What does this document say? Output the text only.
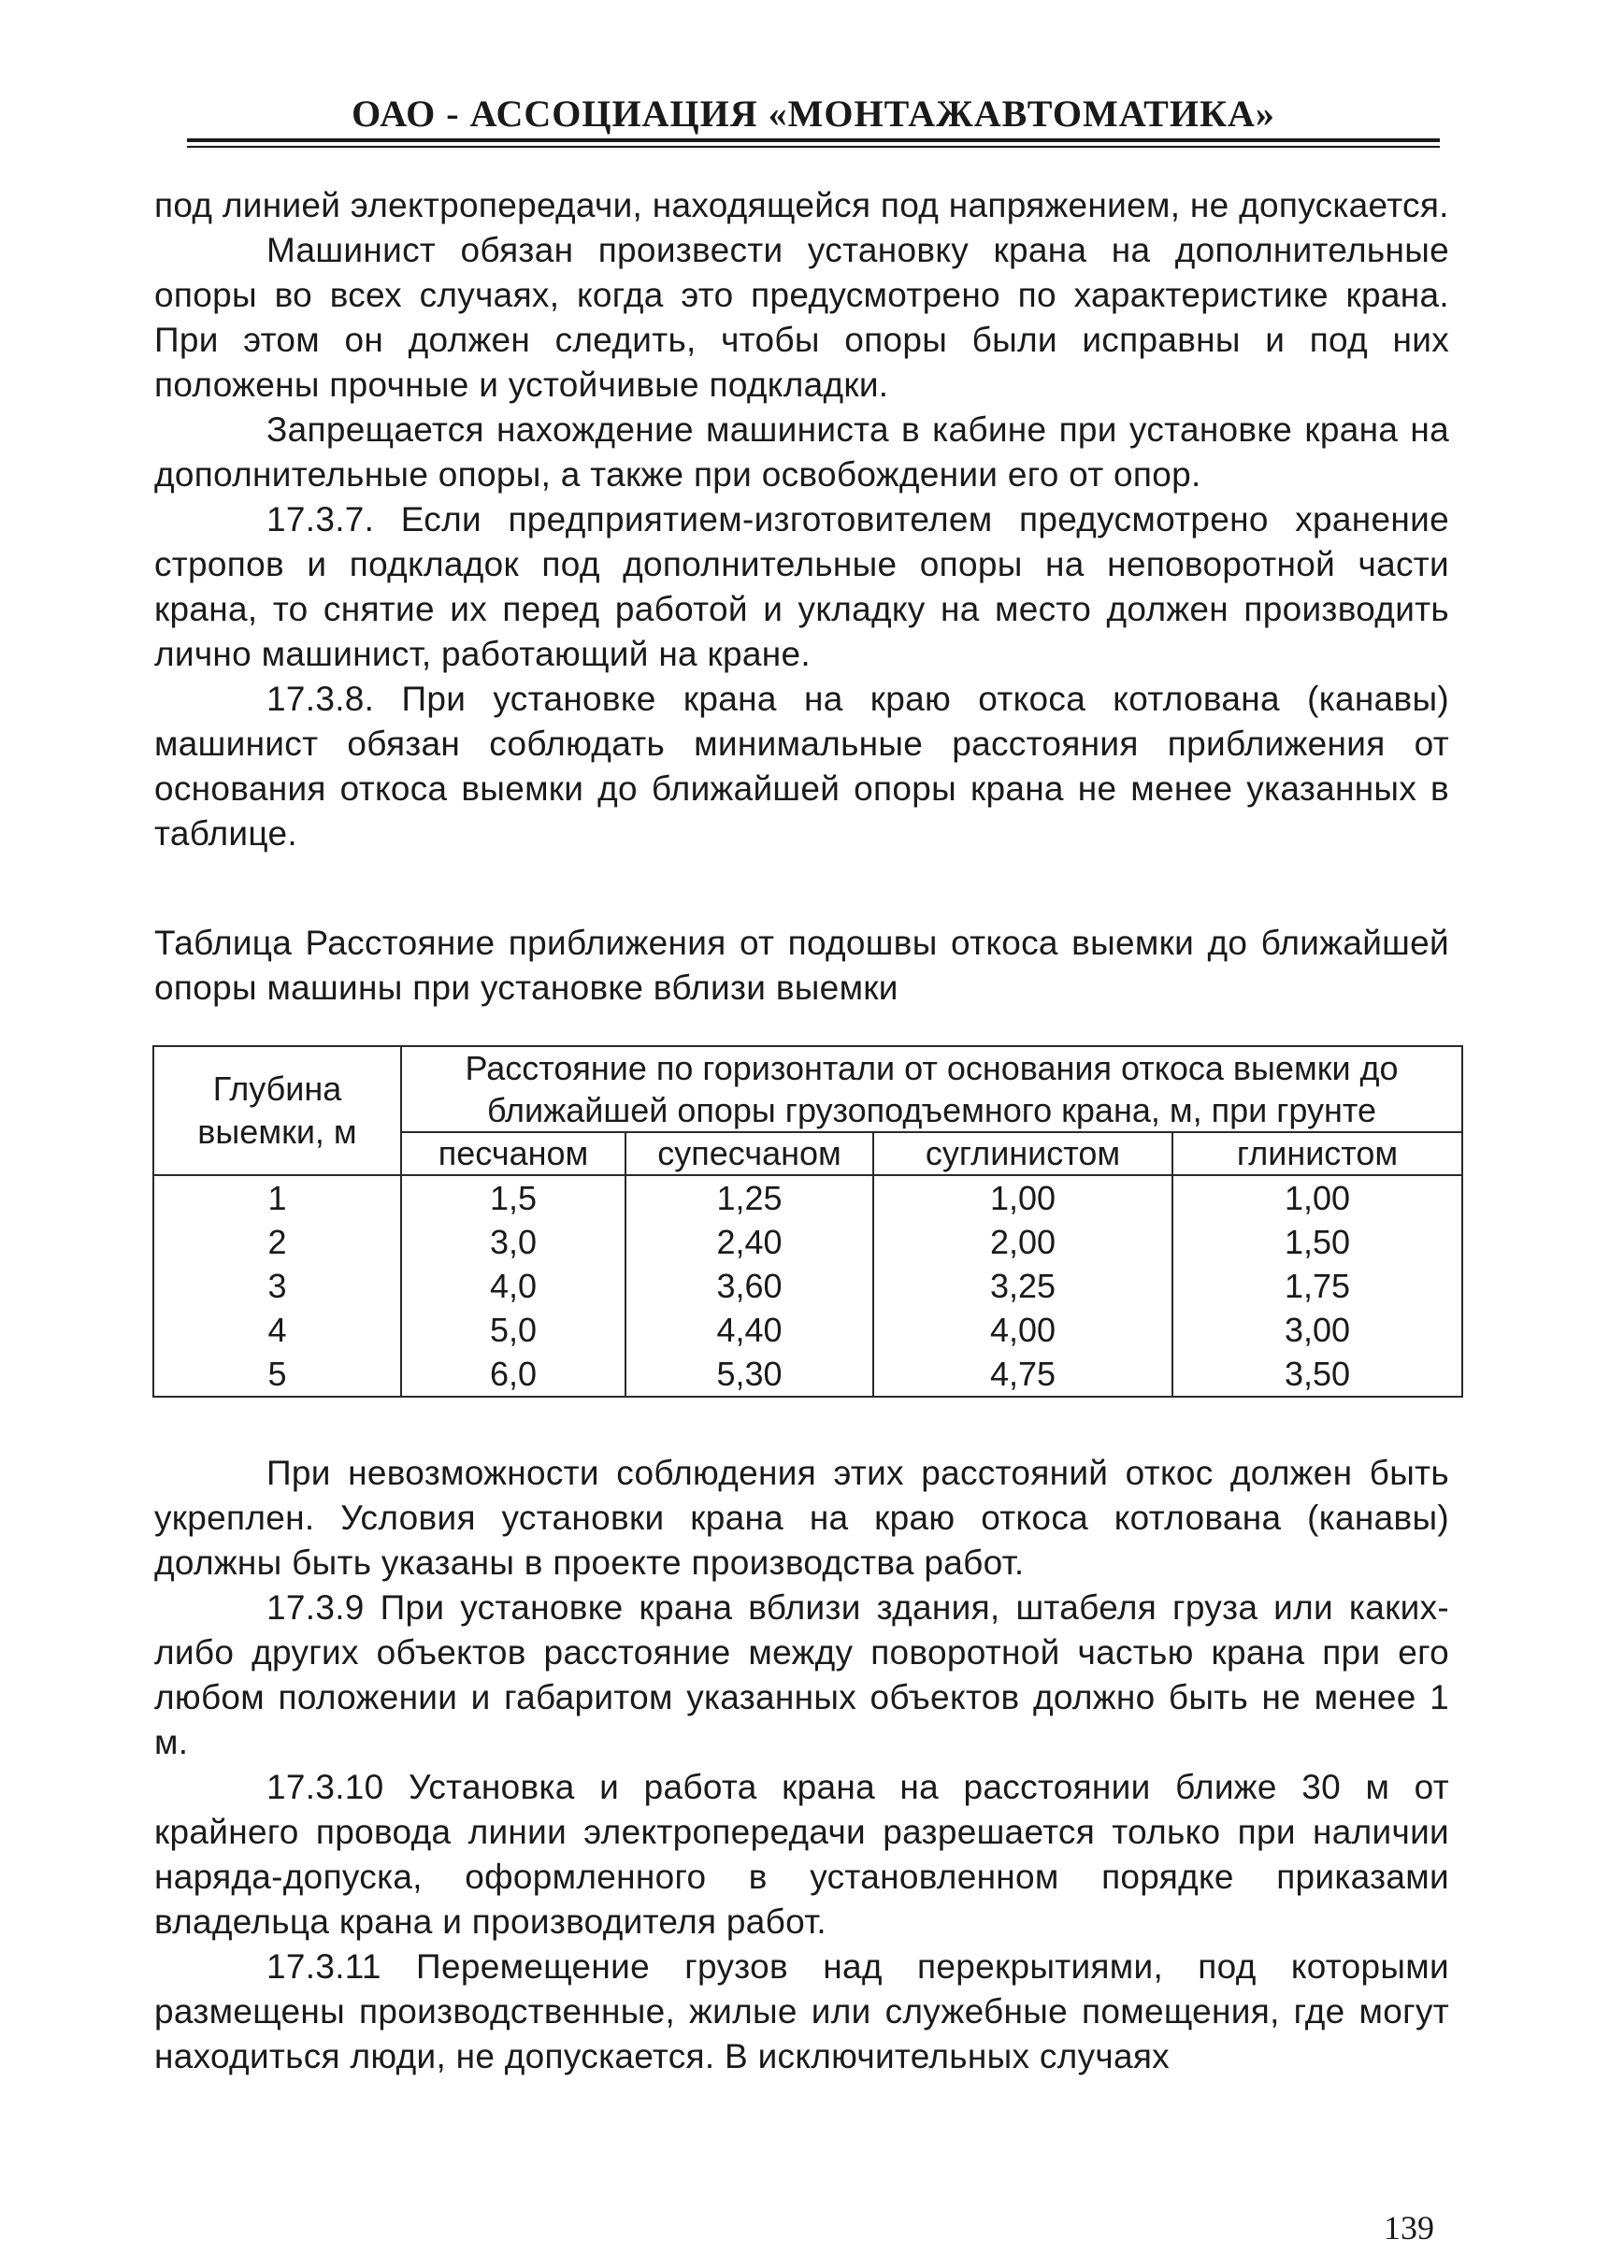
ОАО - АССОЦИАЦИЯ «МОНТАЖАВТОМАТИКА»

под линией электропередачи, находящейся под напряжением, не допускается.

Машинист обязан произвести установку крана на дополнительные опоры во всех случаях, когда это предусмотрено по характеристике крана. При этом он должен следить, чтобы опоры были исправны и под них положены прочные и устойчивые подкладки.

Запрещается нахождение машиниста в кабине при установке крана на дополнительные опоры, а также при освобождении его от опор.

17.3.7. Если предприятием-изготовителем предусмотрено хранение стропов и подкладок под дополнительные опоры на неповоротной части крана, то снятие их перед работой и укладку на место должен производить лично машинист, работающий на кране.

17.3.8. При установке крана на краю откоса котлована (канавы) машинист обязан соблюдать минимальные расстояния приближения от основания откоса выемки до ближайшей опоры крана не менее указанных в таблице.

Таблица Расстояние приближения от подошвы откоса выемки до ближайшей опоры машины при установке вблизи выемки

Глубина выемки, м	Расстояние по горизонтали от основания откоса выемки до ближайшей опоры грузоподъемного крана, м, при грунте			
	песчаном	супесчаном	суглинистом	глинистом
1	1,5	1,25	1,00	1,00
2	3,0	2,40	2,00	1,50
3	4,0	3,60	3,25	1,75
4	5,0	4,40	4,00	3,00
5	6,0	5,30	4,75	3,50

При невозможности соблюдения этих расстояний откос должен быть укреплен. Условия установки крана на краю откоса котлована (канавы) должны быть указаны в проекте производства работ.

17.3.9 При установке крана вблизи здания, штабеля груза или каких-либо других объектов расстояние между поворотной частью крана при его любом положении и габаритом указанных объектов должно быть не менее 1 м.

17.3.10 Установка и работа крана на расстоянии ближе 30 м от крайнего провода линии электропередачи разрешается только при наличии наряда-допуска, оформленного в установленном порядке приказами владельца крана и производителя работ.

17.3.11 Перемещение грузов над перекрытиями, под которыми размещены производственные, жилые или служебные помещения, где могут находиться люди, не допускается. В исключительных случаях

139
